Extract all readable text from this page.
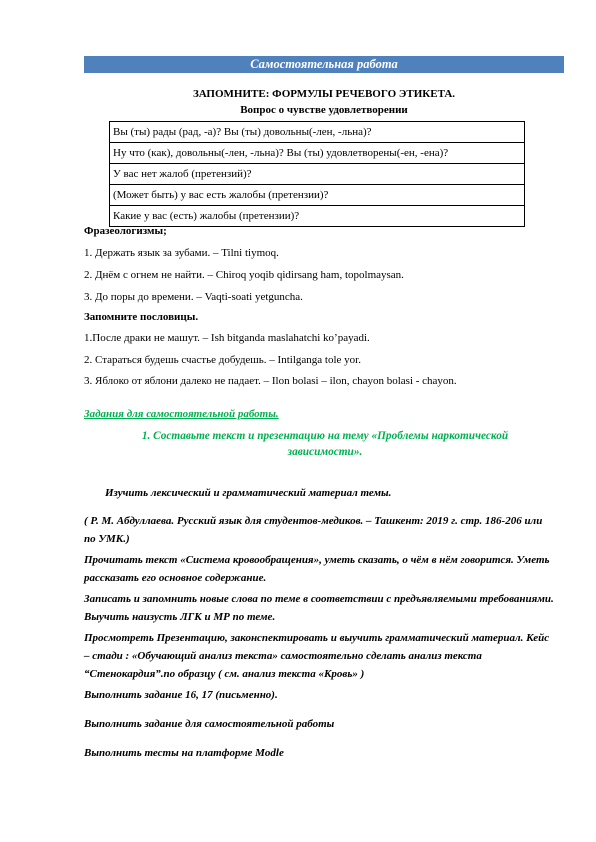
Самостоятельная работа
ЗАПОМНИТЕ: ФОРМУЛЫ РЕЧЕВОГО ЭТИКЕТА.
Вопрос о чувстве удовлетворении
Вы (ты) рады (рад, -а)? Вы (ты) довольны(-лен, -льна)?
Ну что (как), довольны(-лен, -льна)? Вы (ты) удовлетворены(-ен, -ена)?
У вас нет жалоб (претензий)?
(Может быть) у вас есть жалобы (претензии)?
Какие у вас (есть) жалобы (претензии)?
Фразеологизмы;
1. Держать язык за зубами. – Tilni tiymoq.
2. Днём с огнем не найти. – Chiroq yoqib qidirsang ham, topolmaysan.
3. До поры до времени. – Vaqti-soati yetguncha.
Запомните пословицы.
1.После драки не машут. – Ish bitganda maslahatchi ko’payadi.
2. Стараться будешь счастье добудешь. – Intilganga tole yor.
3. Яблоко от яблони далеко не падает. – Ilon bolasi – ilon, chayon bolasi - chayon.
Задания для самостоятельной работы.
1. Составьте текст и презентацию на тему «Проблемы наркотической зависимости».
Изучить лексический и грамматический материал темы.
( Р. М. Абдуллаева. Русский язык для студентов-медиков. – Ташкент: 2019 г. стр. 186-206 или по УМК.)
Прочитать текст «Система кровообращения», уметь сказать, о чём в нём говорится. Уметь рассказать его основное содержание.
Записать и запомнить новые слова по теме в соответствии с предъявляемыми требованиями. Выучить наизусть ЛГК и МР по теме.
Просмотреть Презентацию, законспектировать и выучить грамматический материал. Кейс – стади : «Обучающий анализ текста» самостоятельно сделать анализ текста “Стенокардия”.по образцу ( см. анализ текста «Кровь» )
Выполнить задание 16, 17 (письменно).
Выполнить задание для самостоятельной работы
Выполнить тесты на платформе Modle
